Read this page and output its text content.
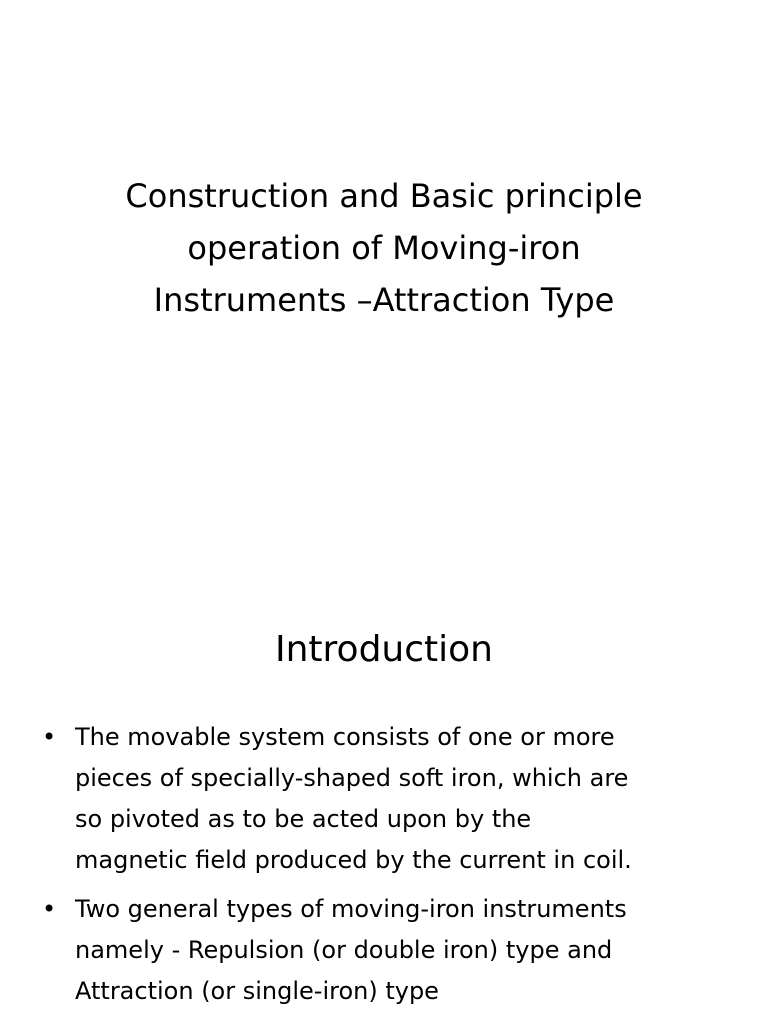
Construction and Basic principle
operation of Moving-iron
Instruments –Attraction Type
Introduction
• The movable system consists of one or more
pieces of specially-shaped soft iron, which are
so pivoted as to be acted upon by the
magnetic field produced by the current in coil.
• Two general types of moving-iron instruments
namely - Repulsion (or double iron) type and
Attraction (or single-iron) type
